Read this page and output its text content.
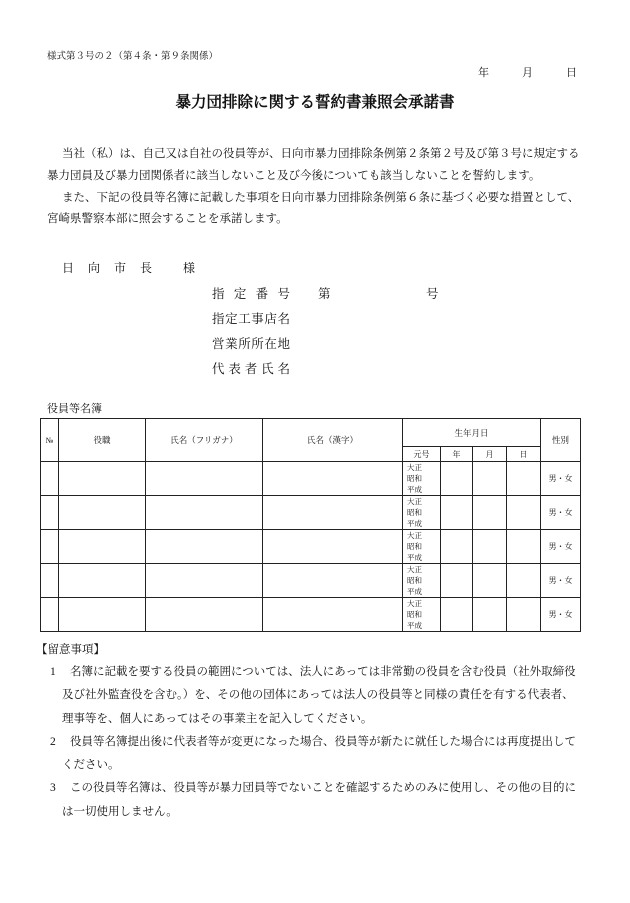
様式第３号の２（第４条・第９条関係）
年	月	日
暴力団排除に関する誓約書兼照会承諾書

当社（私）は、自己又は自社の役員等が、日向市暴力団排除条例第２条第２号及び第３号に規定する暴力団員及び暴力団関係者に該当しないこと及び今後についても該当しないことを誓約します。

また、下記の役員等名簿に記載した事項を日向市暴力団排除条例第６条に基づく必要な措置として、宮崎県警察本部に照会することを承諾します。

日向市長 様
指 定 番 号 第	号
指定工事店名
営業所所在地
代 表 者 氏 名
役員等名簿
№	役職	氏名（フリガナ）	氏名（漢字）	生年月日				性別
				元号	年	月	日	

				大正
昭和
平成				男・女

				大正
昭和
平成				男・女

				大正
昭和
平成				男・女

				大正
昭和
平成				男・女

				大正
昭和
平成				男・女
【留意事項】
1 名簿に記載を要する役員の範囲については、法人にあっては非常勤の役員を含む役員（社外取締役及び社外監査役を含む。）を、その他の団体にあっては法人の役員等と同様の責任を有する代表者、理事等を、個人にあってはその事業主を記入してください。
2 役員等名簿提出後に代表者等が変更になった場合、役員等が新たに就任した場合には再度提出してください。
3 この役員等名簿は、役員等が暴力団員等でないことを確認するためのみに使用し、その他の目的には一切使用しません。
